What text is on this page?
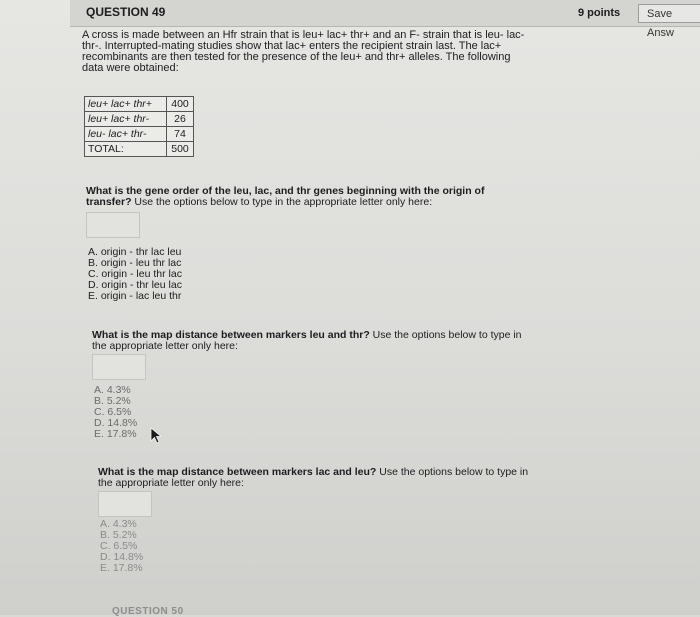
QUESTION 49	9 points	Save Answ
A cross is made between an Hfr strain that is leu+ lac+ thr+ and an F- strain that is leu- lac-
thr-. Interrupted-mating studies show that lac+ enters the recipient strain last. The lac+
recombinants are then tested for the presence of the leu+ and thr+ alleles. The following
data were obtained:
leu+ lac+ thr+	400
leu+ lac+ thr-	26
leu- lac+ thr-	74
TOTAL:	500
What is the gene order of the leu, lac, and thr genes beginning with the origin of
transfer? Use the options below to type in the appropriate letter only here:
A. origin - thr lac leu
B. origin - leu thr lac
C. origin - leu thr lac
D. origin - thr leu lac
E. origin - lac leu thr
What is the map distance between markers leu and thr? Use the options below to type in
the appropriate letter only here:
A. 4.3%
B. 5.2%
C. 6.5%
D. 14.8%
E. 17.8%
What is the map distance between markers lac and leu? Use the options below to type in
the appropriate letter only here:
A. 4.3%
B. 5.2%
C. 6.5%
D. 14.8%
E. 17.8%
QUESTION 50
